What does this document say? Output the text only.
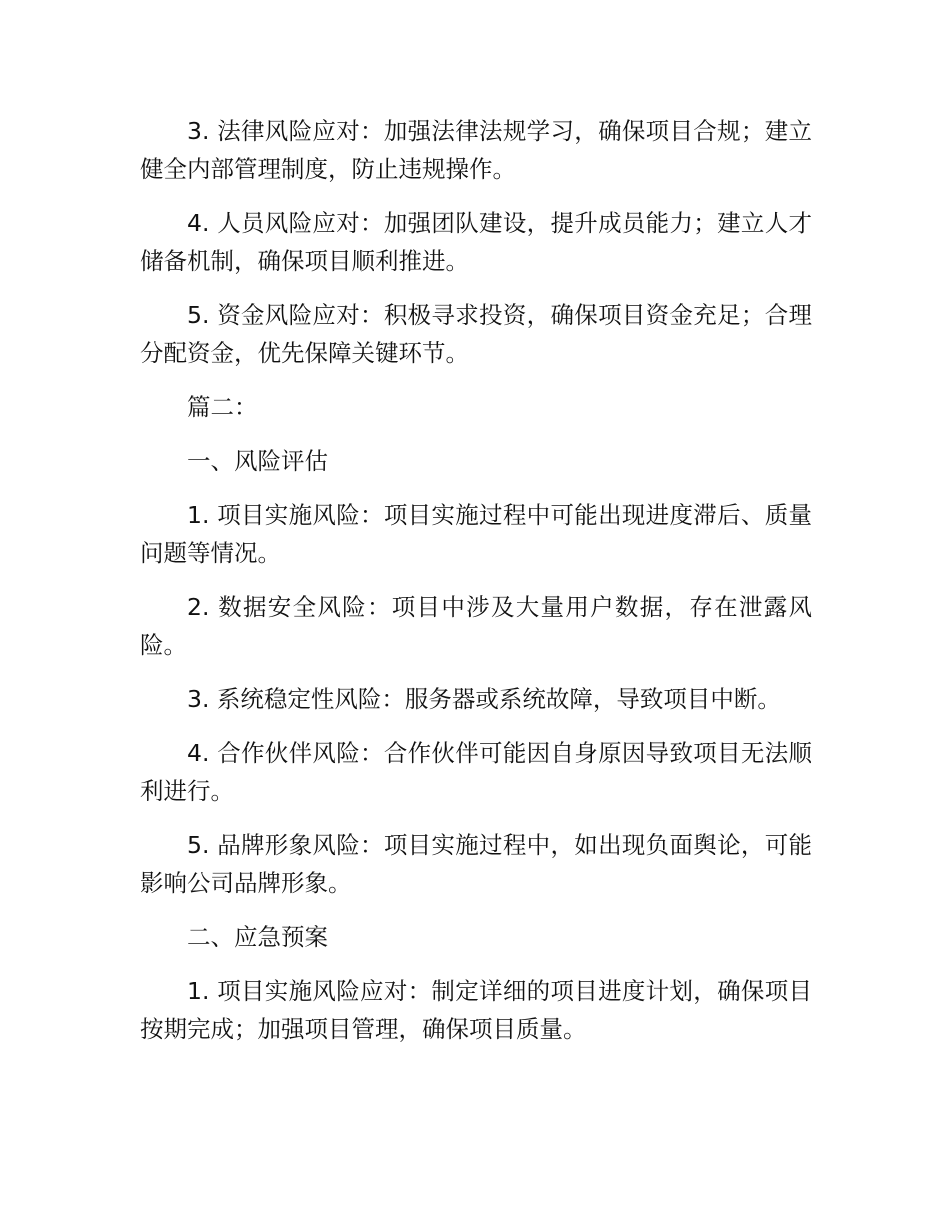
3. 法律风险应对：加强法律法规学习，确保项目合规；建立健全内部管理制度，防止违规操作。

4. 人员风险应对：加强团队建设，提升成员能力；建立人才储备机制，确保项目顺利推进。

5. 资金风险应对：积极寻求投资，确保项目资金充足；合理分配资金，优先保障关键环节。

篇二：

一、风险评估

1. 项目实施风险：项目实施过程中可能出现进度滞后、质量问题等情况。

2. 数据安全风险：项目中涉及大量用户数据，存在泄露风险。

3. 系统稳定性风险：服务器或系统故障，导致项目中断。

4. 合作伙伴风险：合作伙伴可能因自身原因导致项目无法顺利进行。

5. 品牌形象风险：项目实施过程中，如出现负面舆论，可能影响公司品牌形象。

二、应急预案

1. 项目实施风险应对：制定详细的项目进度计划，确保项目按期完成；加强项目管理，确保项目质量。
